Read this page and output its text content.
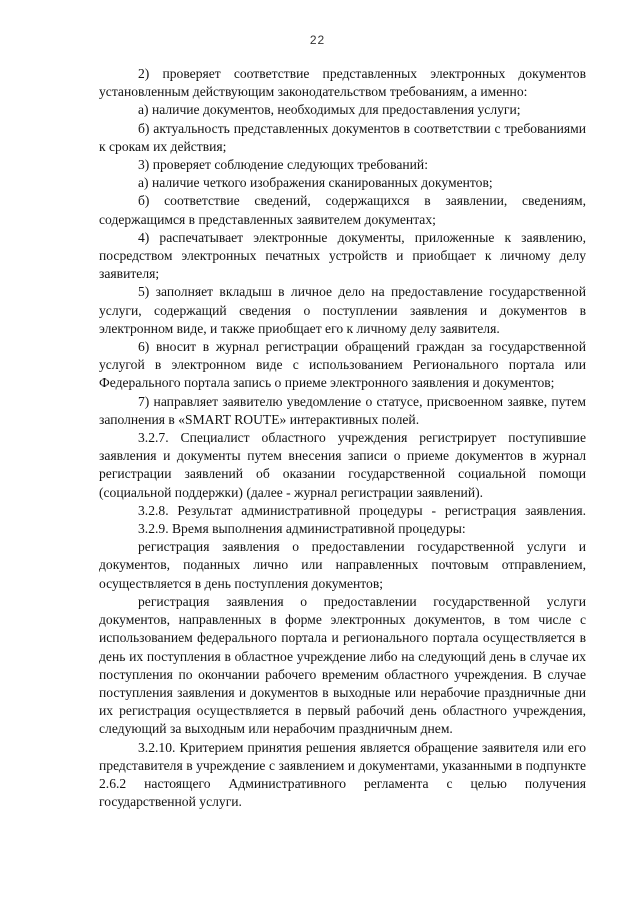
22

2) проверяет соответствие представленных электронных документов установленным действующим законодательством требованиям, а именно:

а) наличие документов, необходимых для предоставления услуги;

б) актуальность представленных документов в соответствии с требованиями к срокам их действия;

3) проверяет соблюдение следующих требований:

а) наличие четкого изображения сканированных документов;

б) соответствие сведений, содержащихся в заявлении, сведениям, содержащимся в представленных заявителем документах;

4) распечатывает электронные документы, приложенные к заявлению, посредством электронных печатных устройств и приобщает к личному делу заявителя;

5) заполняет вкладыш в личное дело на предоставление государственной услуги, содержащий сведения о поступлении заявления и документов в электронном виде, и также приобщает его к личному делу заявителя.

6) вносит в журнал регистрации обращений граждан за государственной услугой в электронном виде с использованием Регионального портала или Федерального портала запись о приеме электронного заявления и документов;

7) направляет заявителю уведомление о статусе, присвоенном заявке, путем заполнения в «SMART ROUTE» интерактивных полей.

3.2.7. Специалист областного учреждения регистрирует поступившие заявления и документы путем внесения записи о приеме документов в журнал регистрации заявлений об оказании государственной социальной помощи (социальной поддержки) (далее - журнал регистрации заявлений).

3.2.8. Результат административной процедуры - регистрация заявления.

3.2.9. Время выполнения административной процедуры:

регистрация заявления о предоставлении государственной услуги и документов, поданных лично или направленных почтовым отправлением, осуществляется в день поступления документов;

регистрация заявления о предоставлении государственной услуги документов, направленных в форме электронных документов, в том числе с использованием федерального портала и регионального портала осуществляется в день их поступления в областное учреждение либо на следующий день в случае их поступления по окончании рабочего временим областного учреждения. В случае поступления заявления и документов в выходные или нерабочие праздничные дни их регистрация осуществляется в первый рабочий день областного учреждения, следующий за выходным или нерабочим праздничным днем.

3.2.10. Критерием принятия решения является обращение заявителя или его представителя в учреждение с заявлением и документами, указанными в подпункте 2.6.2 настоящего Административного регламента с целью получения государственной услуги.
